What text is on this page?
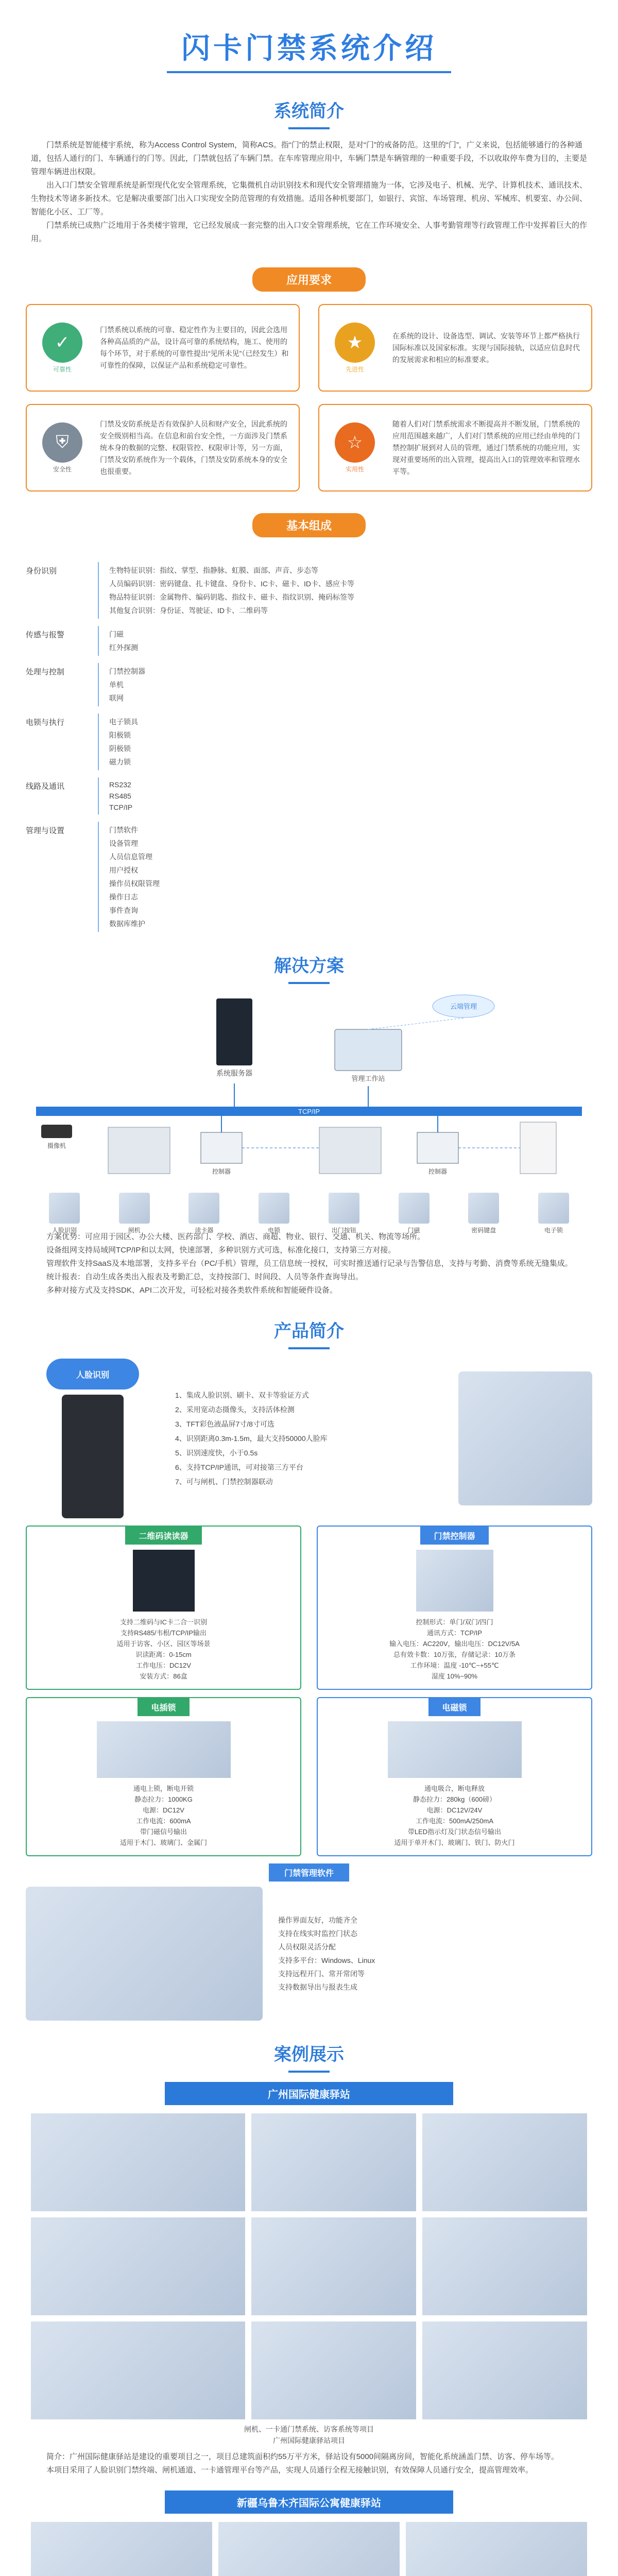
闪卡门禁系统介绍
系统简介

门禁系统是智能楼宇系统，称为Access Control System，简称ACS。指“门”的禁止权限，是对“门”的戒备防范。这里的“门”，广义来说，包括能够通行的各种通道，包括人通行的门、车辆通行的门等。因此，门禁就包括了车辆门禁。在车库管理应用中，车辆门禁是车辆管理的一种重要手段，不以收取停车费为目的，主要是管理车辆进出权限。

出入口门禁安全管理系统是新型现代化安全管理系统，它集微机自动识别技术和现代安全管理措施为一体，它涉及电子、机械、光学、计算机技术、通讯技术、生物技术等诸多新技术。它是解决重要部门出入口实现安全防范管理的有效措施。适用各种机要部门，如银行、宾馆、车场管理、机房、军械库、机要室、办公间、智能化小区、工厂等。

门禁系统已成熟广泛地用于各类楼宇管理，它已经发展成一套完整的出入口安全管理系统，它在工作环境安全、人事考勤管理等行政管理工作中发挥着巨大的作用。

应用要求
✓
可靠性

门禁系统以系统的可靠、稳定性作为主要目的，因此会选用各种高品质的产品，设计高可靠的系统结构，施工、使用的每个环节，对于系统的可靠性提出“见所未见”（已经发生）和可靠性的保障，以保证产品和系统稳定可靠性。

★
先进性

在系统的设计、设备选型、调试、安装等环节上都严格执行国际标准以及国家标准。实现与国际接轨，以适应信息时代的发展需求和相应的标准要求。

⛨
安全性

门禁及安防系统是否有效保护人员和财产安全，因此系统的安全级别相当高。在信息和前台安全性，一方面涉及门禁系统本身的数据的完整、权限管控、权限审计等，另一方面，门禁及安防系统作为一个载体，门禁及安防系统本身的安全也很重要。

☆
实用性

随着人们对门禁系统需求不断提高并不断发展，门禁系统的应用范围越来越广，人们对门禁系统的应用已经由单纯的门禁控制扩展到对人员的管理，通过门禁系统的功能应用，实现对重要场所的出入管理，提高出入口的管理效率和管理水平等。

基本组成
身份识别	生物特征识别：指纹、掌型、指静脉、虹膜、面部、声音、步态等
人员编码识别：密码键盘、扎卡键盘、身份卡、IC卡、磁卡、ID卡、感应卡等
物品特征识别：金属物件、编码钥匙、指纹卡、磁卡、指纹识别、掩码标签等
其他复合识别：身份证、驾驶证、ID卡、二维码等
传感与报警	门磁
红外探测
处理与控制	门禁控制器
单机
联网
电锁与执行	电子锁具
阳极锁
阴极锁
磁力锁
线路及通讯	RS232
RS485
TCP/IP
管理与设置	门禁软件
设备管理
人员信息管理
用户授权
操作员权限管理
操作日志
事件查询
数据库维护
解决方案
系统服务器
云端管理
管理工作站
TCP/IP
控制器	控制器
摄像机
人脸识别	闸机	读卡器	电锁	出门按钮	门磁	密码键盘	电子锁

方案优势：可应用于园区、办公大楼、医药部门、学校、酒店、商超、物业、银行、交通、机关、物流等场所。

设备组网支持局域网TCP/IP和以太网，快速部署，多种识别方式可选，标准化接口，支持第三方对接。

管理软件支持SaaS及本地部署，支持多平台（PC/手机）管理，员工信息统一授权，可实时推送通行记录与告警信息，支持与考勤、消费等系统无缝集成。

统计报表：自动生成各类出入报表及考勤汇总，支持按部门、时间段、人员等条件查询导出。

多种对接方式及支持SDK、API二次开发，可轻松对接各类软件系统和智能硬件设备。

产品简介
人脸识别

1、集成人脸识别、刷卡、双卡等验证方式

2、采用宽动态摄像头，支持活体检测

3、TFT彩色液晶屏7寸/8寸可选

4、识别距离0.3m-1.5m，最大支持50000人脸库

5、识别速度快，小于0.5s

6、支持TCP/IP通讯，可对接第三方平台

7、可与闸机、门禁控制器联动

二维码读读器

支持二维码与IC卡二合一识别
支持RS485/韦根/TCP/IP输出
适用于访客、小区、园区等场景
识读距离：0-15cm
工作电压：DC12V
安装方式：86盒

门禁控制器

控制形式：单门/双门/四门
通讯方式：TCP/IP
输入电压：AC220V，输出电压：DC12V/5A
总有效卡数：10万张，存储记录：10万条
工作环境：温度 -10℃~+55℃
湿度 10%~90%

电插锁

通电上锁，断电开锁
静态拉力：1000KG
电源：DC12V
工作电流：600mA
带门磁信号输出
适用于木门、玻璃门、金属门

电磁锁

通电吸合，断电释放
静态拉力：280kg（600磅）
电源：DC12V/24V
工作电流：500mA/250mA
带LED指示灯及门状态信号输出
适用于单开木门、玻璃门、铁门、防火门

门禁管理软件

操作界面友好，功能齐全
支持在线实时监控门状态
人员权限灵活分配
支持多平台：Windows、Linux
支持远程开门、常开常闭等
支持数据导出与报表生成

案例展示
广州国际健康驿站

闸机、一卡通门禁系统、访客系统等项目
广州国际健康驿站项目

简介：广州国际健康驿站是建设的重要项目之一，项目总建筑面积约55万平方米，驿站设有5000间隔离房间，智能化系统涵盖门禁、访客、停车场等。

本项目采用了人脸识别门禁终端、闸机通道、一卡通管理平台等产品，实现人员通行全程无接触识别，有效保障人员通行安全，提高管理效率。

新疆乌鲁木齐国际公寓健康驿站
